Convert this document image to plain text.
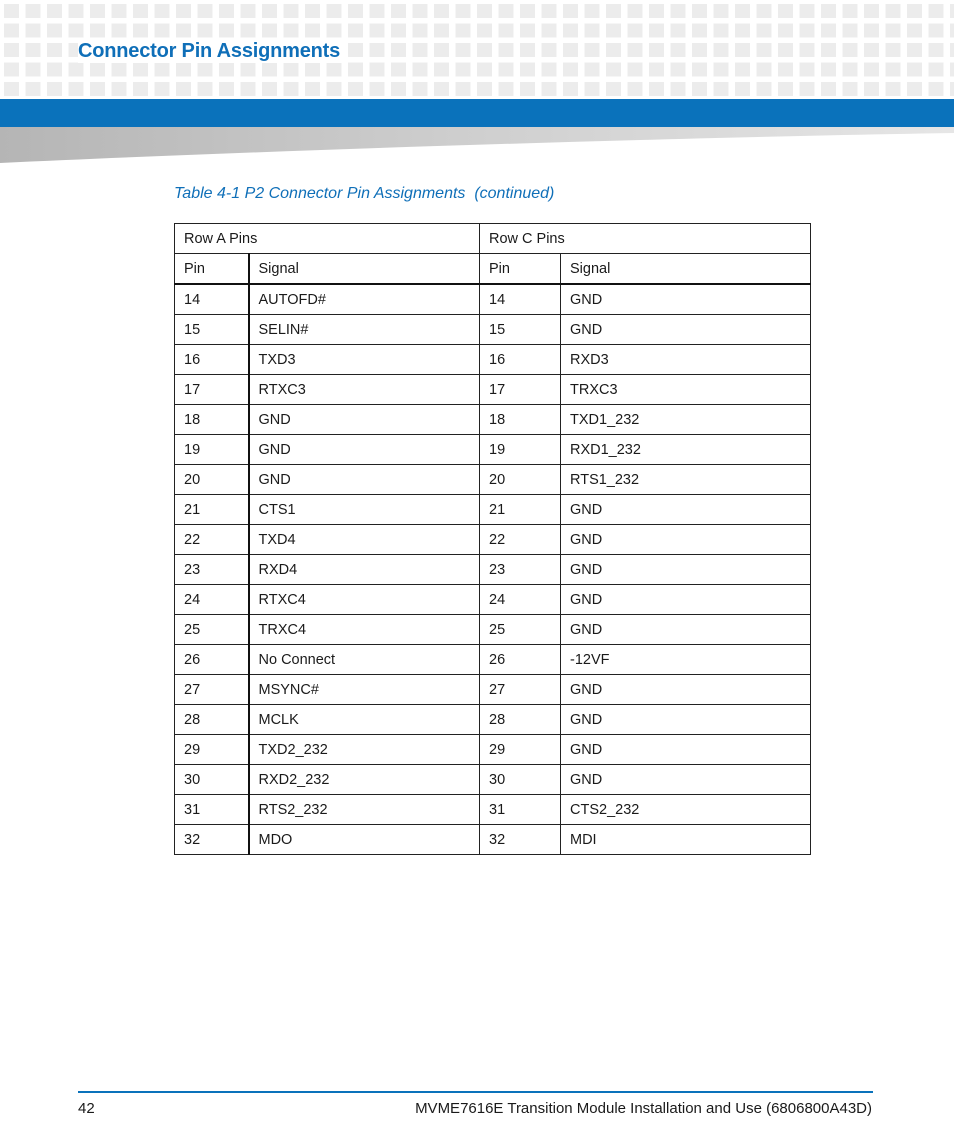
Connector Pin Assignments

Table 4-1 P2 Connector Pin Assignments  (continued)

Row A Pins		Row C Pins	
Pin	Signal	Pin	Signal
14	AUTOFD#	14	GND
15	SELIN#	15	GND
16	TXD3	16	RXD3
17	RTXC3	17	TRXC3
18	GND	18	TXD1_232
19	GND	19	RXD1_232
20	GND	20	RTS1_232
21	CTS1	21	GND
22	TXD4	22	GND
23	RXD4	23	GND
24	RTXC4	24	GND
25	TRXC4	25	GND
26	No Connect	26	-12VF
27	MSYNC#	27	GND
28	MCLK	28	GND
29	TXD2_232	29	GND
30	RXD2_232	30	GND
31	RTS2_232	31	CTS2_232
32	MDO	32	MDI
42	MVME7616E Transition Module Installation and Use (6806800A43D)
